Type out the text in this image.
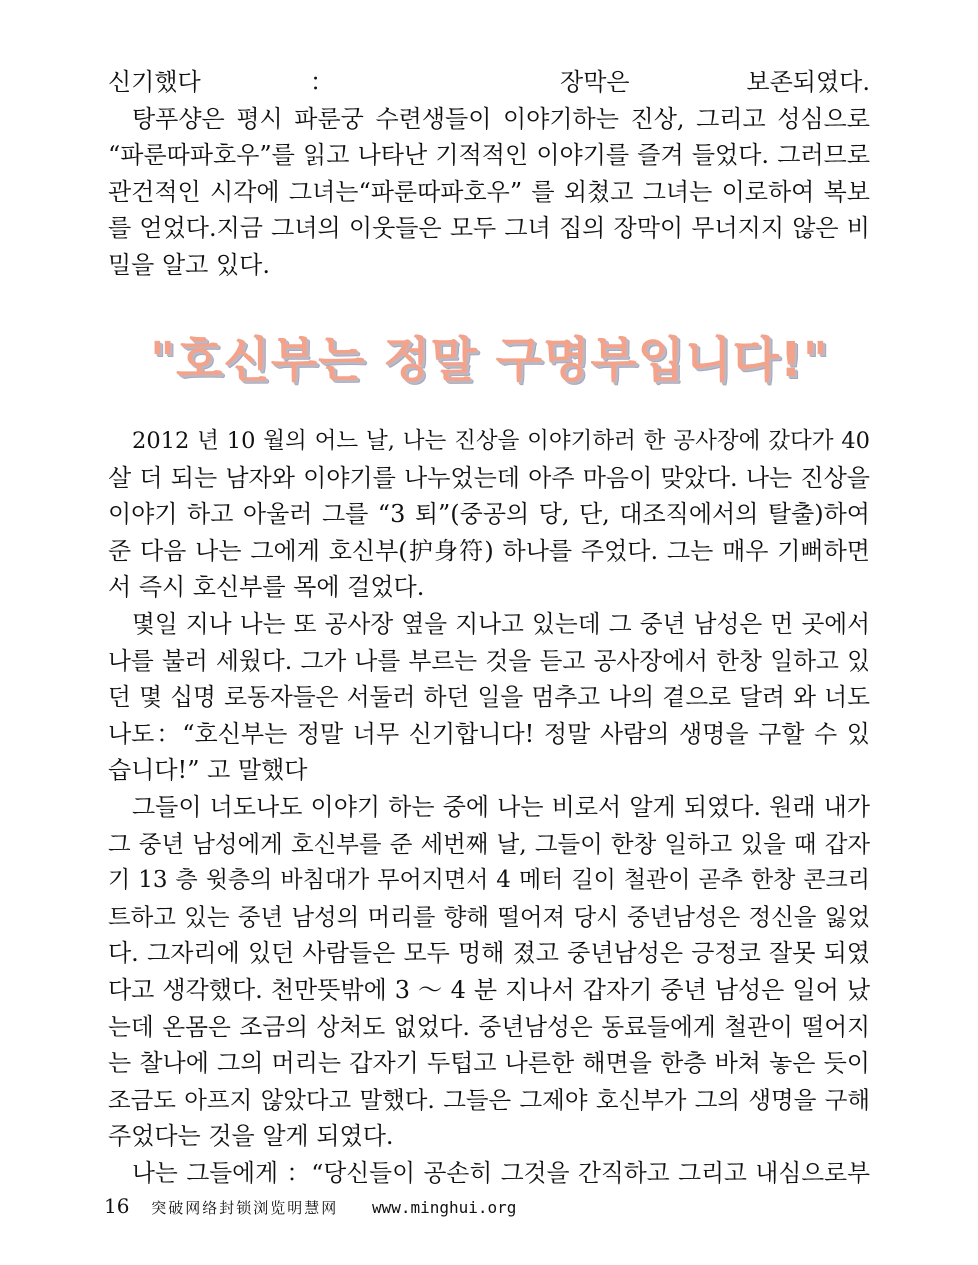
신기했다： 장막은 보존되였다.
탕푸샹은 평시 파룬궁 수련생들이 이야기하는 진상, 그리고 성심으로
“파룬따파호우”를 읽고 나타난 기적적인 이야기를 즐겨 들었다. 그러므로
관건적인 시각에 그녀는“파룬따파호우” 를 외쳤고 그녀는 이로하여 복보
를 얻었다.지금 그녀의 이웃들은 모두 그녀 집의 장막이 무너지지 않은 비
밀을 알고 있다.
"호신부는 정말 구명부입니다!"
2012 년 10 월의 어느 날, 나는 진상을 이야기하러 한 공사장에 갔다가 40
살 더 되는 남자와 이야기를 나누었는데 아주 마음이 맞았다. 나는 진상을
이야기 하고 아울러 그를 “3 퇴”(중공의 당, 단, 대조직에서의 탈출)하여
준 다음 나는 그에게 호신부(护身符) 하나를 주었다. 그는 매우 기뻐하면
서 즉시 호신부를 목에 걸었다.
몇일 지나 나는 또 공사장 옆을 지나고 있는데 그 중년 남성은 먼 곳에서
나를 불러 세웠다. 그가 나를 부르는 것을 듣고 공사장에서 한창 일하고 있
던 몇 십명 로동자들은 서둘러 하던 일을 멈추고 나의 곁으로 달려 와 너도
나도：“호신부는 정말 너무 신기합니다! 정말 사람의 생명을 구할 수 있
습니다!” 고 말했다
그들이 너도나도 이야기 하는 중에 나는 비로서 알게 되였다. 원래 내가
그 중년 남성에게 호신부를 준 세번째 날, 그들이 한창 일하고 있을 때 갑자
기 13 층 윗층의 바침대가 무어지면서 4 메터 길이 철관이 곧추 한창 콘크리
트하고 있는 중년 남성의 머리를 향해 떨어져 당시 중년남성은 정신을 잃었
다. 그자리에 있던 사람들은 모두 멍해 졌고 중년남성은 긍정코 잘못 되였
다고 생각했다. 천만뜻밖에 3 ～ 4 분 지나서 갑자기 중년 남성은 일어 났
는데 온몸은 조금의 상처도 없었다. 중년남성은 동료들에게 철관이 떨어지
는 찰나에 그의 머리는 갑자기 두텁고 나른한 해면을 한층 바쳐 놓은 듯이
조금도 아프지 않았다고 말했다. 그들은 그제야 호신부가 그의 생명을 구해
주었다는 것을 알게 되였다.
나는 그들에게 ：“당신들이 공손히 그것을 간직하고 그리고 내심으로부
16 突破网络封锁浏览明慧网 www.minghui.org
